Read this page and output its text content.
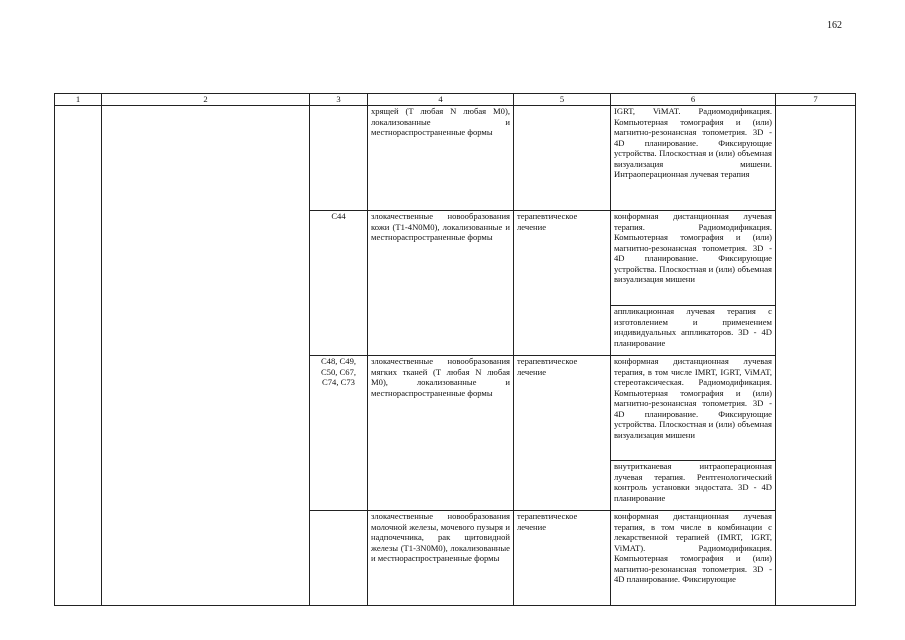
162
1	2	3	4	5	6	7
			хрящей (T любая N любая M0), локализованные и местнораспространенные формы		IGRT, ViMAT. Радиомодификация. Компьютерная томография и (или) магнитно-резонансная топометрия. 3D - 4D планирование. Фиксирующие устройства. Плоскостная и (или) объемная визуализация мишени. Интраоперационная лучевая терапия	
		C44	злокачественные новообразования кожи (T1-4N0M0), локализованные и местнораспространенные формы	терапевтическое лечение	конформная дистанционная лучевая терапия. Радиомодификация. Компьютерная томография и (или) магнитно-резонансная топометрия. 3D - 4D планирование. Фиксирующие устройства. Плоскостная и (или) объемная визуализация мишени	
					аппликационная лучевая терапия с изготовлением и применением индивидуальных аппликаторов. 3D - 4D планирование	
		C48, C49, C50, C67, C74, C73	злокачественные новообразования мягких тканей (T любая N любая M0), локализованные и местнораспространенные формы	терапевтическое лечение	конформная дистанционная лучевая терапия, в том числе IMRT, IGRT, ViMAT, стереотаксическая. Радиомодификация. Компьютерная томография и (или) магнитно-резонансная топометрия. 3D - 4D планирование. Фиксирующие устройства. Плоскостная и (или) объемная визуализация мишени	
					внутритканевая интраоперационная лучевая терапия. Рентгенологический контроль установки эндостата. 3D - 4D планирование	
			злокачественные новообразования молочной железы, мочевого пузыря и надпочечника, рак щитовидной железы (T1-3N0M0), локализованные и местнораспространенные формы	терапевтическое лечение	конформная дистанционная лучевая терапия, в том числе в комбинации с лекарственной терапией (IMRT, IGRT, ViMAT). Радиомодификация. Компьютерная томография и (или) магнитно-резонансная топометрия. 3D - 4D планирование. Фиксирующие	
